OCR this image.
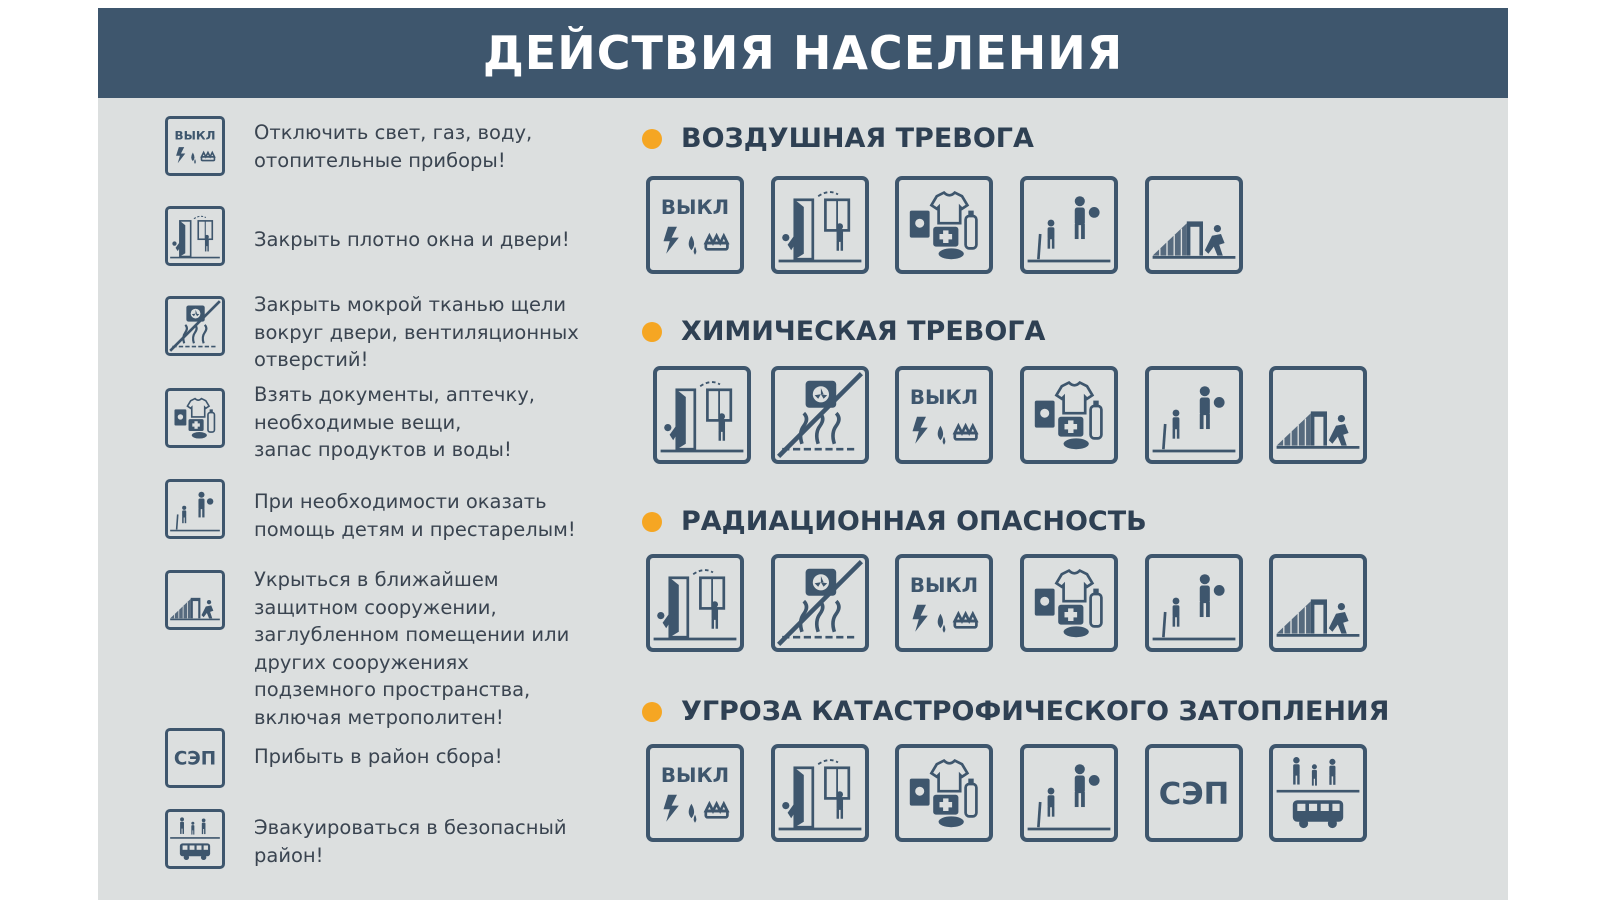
ДЕЙСТВИЯ НАСЕЛЕНИЯ
ВЫКЛ Отключить свет, газ, воду,
отопительные приборы!
Закрыть плотно окна и двери!
Закрыть мокрой тканью щели
вокруг двери, вентиляционных
отверстий!
Взять документы, аптечку,
необходимые вещи,
запас продуктов и воды!
При необходимости оказать
помощь детям и престарелым!
Укрыться в ближайшем
защитном сооружении,
заглубленном помещении или
других сооружениях
подземного пространства,
включая метрополитен!
СЭП Прибыть в район сбора!
Эвакуироваться в безопасный
район!
ВОЗДУШНАЯ ТРЕВОГА
ВЫКЛ
ХИМИЧЕСКАЯ ТРЕВОГА
ВЫКЛ
РАДИАЦИОННАЯ ОПАСНОСТЬ
ВЫКЛ
УГРОЗА КАТАСТРОФИЧЕСКОГО ЗАТОПЛЕНИЯ
ВЫКЛ
СЭП
